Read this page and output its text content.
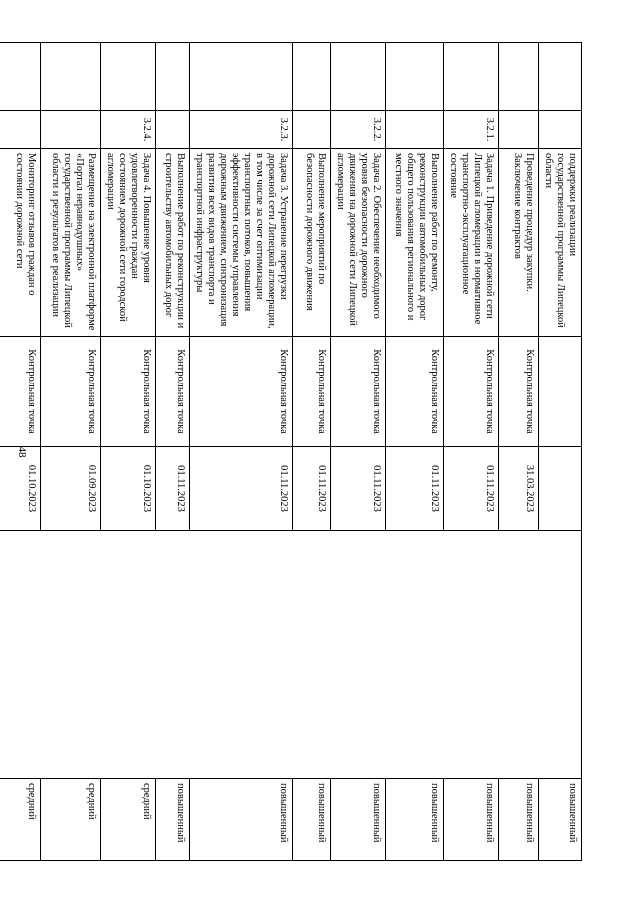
48
		поддержки реализации государственной программы Липецкой области				повышенный
		Проведение процедур закупки. Заключение контрактов	Контрольная точка	31.03.2023		повышенный
	3.2.1.	Задача 1. Приведение дорожной сети Липецкой агломерации в нормативное транспортно-эксплуатационное состояние	Контрольная точка	01.11.2023		повышенный
		Выполнение работ по ремонту, реконструкции автомобильных дорог общего пользования регионального и местного значения	Контрольная точка	01.11.2023		повышенный
	3.2.2.	Задача 2. Обеспечение необходимого уровня безопасности дорожного движения на дорожной сети Липецкой агломерации	Контрольная точка	01.11.2023		повышенный
		Выполнение мероприятий по безопасности дорожного движения	Контрольная точка	01.11.2023		повышенный
	3.2.3.	Задача 3. Устранение перегрузки дорожной сети Липецкой агломерации, в том числе за счет оптимизации транспортных потоков, повышения эффективности системы управления дорожным движением, синхронизация развития всех видов транспорта и транспортной инфраструктуры	Контрольная точка	01.11.2023		повышенный
		Выполнение работ по реконструкции и строительству автомобильных дорог	Контрольная точка	01.11.2023		повышенный
	3.2.4.	Задача 4. Повышение уровня удовлетворенности граждан состоянием дорожной сети городской агломерации	Контрольная точка	01.10.2023		средний
		Размещение на электронной платформе «Портал неравнодушных» государственной программы Липецкой области и результатов ее реализации	Контрольная точка	01.09.2023		средний
		Мониторинг отзывов граждан о состоянии дорожной сети	Контрольная точка	01.10.2023		средний
